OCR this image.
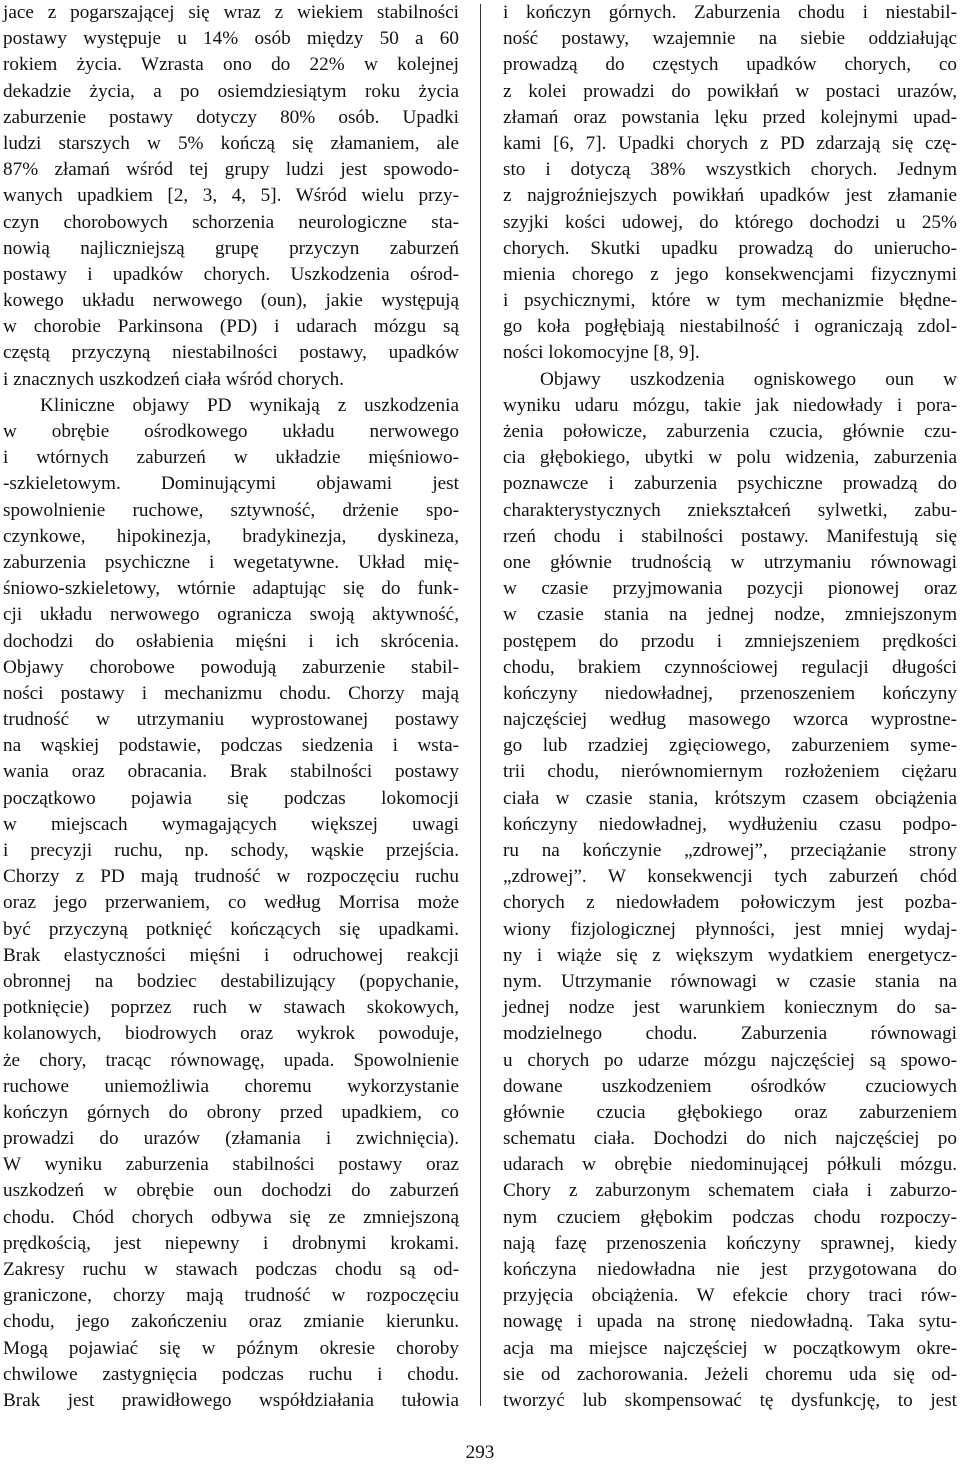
jace z pogarszającej się wraz z wiekiem stabilności
postawy występuje u 14% osób między 50 a 60
rokiem życia. Wzrasta ono do 22% w kolejnej
dekadzie życia, a po osiemdziesiątym roku życia
zaburzenie postawy dotyczy 80% osób. Upadki
ludzi starszych w 5% kończą się złamaniem, ale
87% złamań wśród tej grupy ludzi jest spowodo-
wanych upadkiem [2, 3, 4, 5]. Wśród wielu przy-
czyn chorobowych schorzenia neurologiczne sta-
nowią najliczniejszą grupę przyczyn zaburzeń
postawy i upadków chorych. Uszkodzenia ośrod-
kowego układu nerwowego (oun), jakie występują
w chorobie Parkinsona (PD) i udarach mózgu są
częstą przyczyną niestabilności postawy, upadków
i znacznych uszkodzeń ciała wśród chorych.
Kliniczne objawy PD wynikają z uszkodzenia
w obrębie ośrodkowego układu nerwowego
i wtórnych zaburzeń w układzie mięśniowo-
-szkieletowym. Dominującymi objawami jest
spowolnienie ruchowe, sztywność, drżenie spo-
czynkowe, hipokinezja, bradykinezja, dyskineza,
zaburzenia psychiczne i wegetatywne. Układ mię-
śniowo-szkieletowy, wtórnie adaptując się do funk-
cji układu nerwowego ogranicza swoją aktywność,
dochodzi do osłabienia mięśni i ich skrócenia.
Objawy chorobowe powodują zaburzenie stabil-
ności postawy i mechanizmu chodu. Chorzy mają
trudność w utrzymaniu wyprostowanej postawy
na wąskiej podstawie, podczas siedzenia i wsta-
wania oraz obracania. Brak stabilności postawy
początkowo pojawia się podczas lokomocji
w miejscach wymagających większej uwagi
i precyzji ruchu, np. schody, wąskie przejścia.
Chorzy z PD mają trudność w rozpoczęciu ruchu
oraz jego przerwaniem, co według Morrisa może
być przyczyną potknięć kończących się upadkami.
Brak elastyczności mięśni i odruchowej reakcji
obronnej na bodziec destabilizujący (popychanie,
potknięcie) poprzez ruch w stawach skokowych,
kolanowych, biodrowych oraz wykrok powoduje,
że chory, tracąc równowagę, upada. Spowolnienie
ruchowe uniemożliwia choremu wykorzystanie
kończyn górnych do obrony przed upadkiem, co
prowadzi do urazów (złamania i zwichnięcia).
W wyniku zaburzenia stabilności postawy oraz
uszkodzeń w obrębie oun dochodzi do zaburzeń
chodu. Chód chorych odbywa się ze zmniejszoną
prędkością, jest niepewny i drobnymi krokami.
Zakresy ruchu w stawach podczas chodu są od-
graniczone, chorzy mają trudność w rozpoczęciu
chodu, jego zakończeniu oraz zmianie kierunku.
Mogą pojawiać się w późnym okresie choroby
chwilowe zastygnięcia podczas ruchu i chodu.
Brak jest prawidłowego współdziałania tułowia
i kończyn górnych. Zaburzenia chodu i niestabil-
ność postawy, wzajemnie na siebie oddziałując
prowadzą do częstych upadków chorych, co
z kolei prowadzi do powikłań w postaci urazów,
złamań oraz powstania lęku przed kolejnymi upad-
kami [6, 7]. Upadki chorych z PD zdarzają się czę-
sto i dotyczą 38% wszystkich chorych. Jednym
z najgroźniejszych powikłań upadków jest złamanie
szyjki kości udowej, do którego dochodzi u 25%
chorych. Skutki upadku prowadzą do unierucho-
mienia chorego z jego konsekwencjami fizycznymi
i psychicznymi, które w tym mechanizmie błędne-
go koła pogłębiają niestabilność i ograniczają zdol-
ności lokomocyjne [8, 9].
Objawy uszkodzenia ogniskowego oun w
wyniku udaru mózgu, takie jak niedowłady i pora-
żenia połowicze, zaburzenia czucia, głównie czu-
cia głębokiego, ubytki w polu widzenia, zaburzenia
poznawcze i zaburzenia psychiczne prowadzą do
charakterystycznych zniekształceń sylwetki, zabu-
rzeń chodu i stabilności postawy. Manifestują się
one głównie trudnością w utrzymaniu równowagi
w czasie przyjmowania pozycji pionowej oraz
w czasie stania na jednej nodze, zmniejszonym
postępem do przodu i zmniejszeniem prędkości
chodu, brakiem czynnościowej regulacji długości
kończyny niedowładnej, przenoszeniem kończyny
najczęściej według masowego wzorca wyprostne-
go lub rzadziej zgięciowego, zaburzeniem syme-
trii chodu, nierównomiernym rozłożeniem ciężaru
ciała w czasie stania, krótszym czasem obciążenia
kończyny niedowładnej, wydłużeniu czasu podpo-
ru na kończynie „zdrowej”, przeciążanie strony
„zdrowej”. W konsekwencji tych zaburzeń chód
chorych z niedowładem połowiczym jest pozba-
wiony fizjologicznej płynności, jest mniej wydaj-
ny i wiąże się z większym wydatkiem energetycz-
nym. Utrzymanie równowagi w czasie stania na
jednej nodze jest warunkiem koniecznym do sa-
modzielnego chodu. Zaburzenia równowagi
u chorych po udarze mózgu najczęściej są spowo-
dowane uszkodzeniem ośrodków czuciowych
głównie czucia głębokiego oraz zaburzeniem
schematu ciała. Dochodzi do nich najczęściej po
udarach w obrębie niedominującej półkuli mózgu.
Chory z zaburzonym schematem ciała i zaburzo-
nym czuciem głębokim podczas chodu rozpoczy-
nają fazę przenoszenia kończyny sprawnej, kiedy
kończyna niedowładna nie jest przygotowana do
przyjęcia obciążenia. W efekcie chory traci rów-
nowagę i upada na stronę niedowładną. Taka sytu-
acja ma miejsce najczęściej w początkowym okre-
sie od zachorowania. Jeżeli choremu uda się od-
tworzyć lub skompensować tę dysfunkcję, to jest
293
